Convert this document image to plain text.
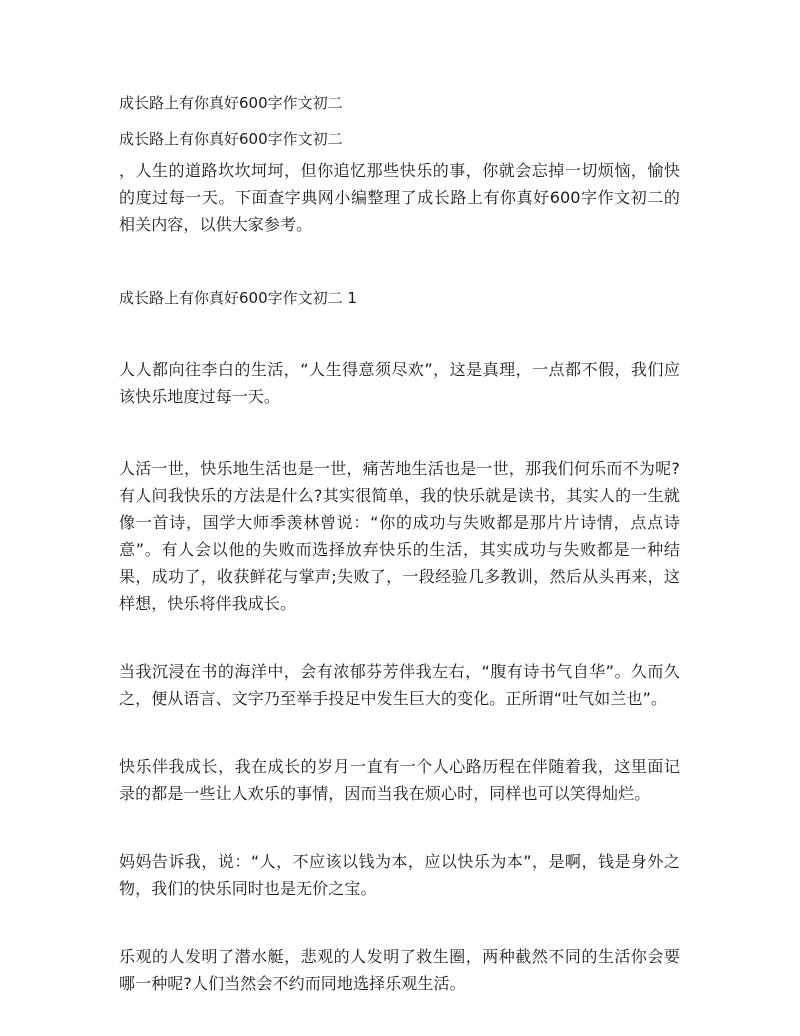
成长路上有你真好600字作文初二

成长路上有你真好600字作文初二

，人生的道路坎坎坷坷，但你追忆那些快乐的事，你就会忘掉一切烦恼，愉快的度过每一天。下面查字典网小编整理了成长路上有你真好600字作文初二的相关内容，以供大家参考。

成长路上有你真好600字作文初二 1

人人都向往李白的生活，“人生得意须尽欢”，这是真理，一点都不假，我们应该快乐地度过每一天。

人活一世，快乐地生活也是一世，痛苦地生活也是一世，那我们何乐而不为呢?有人问我快乐的方法是什么?其实很简单，我的快乐就是读书，其实人的一生就像一首诗，国学大师季羡林曾说：“你的成功与失败都是那片片诗情，点点诗意”。有人会以他的失败而选择放弃快乐的生活，其实成功与失败都是一种结果，成功了，收获鲜花与掌声;失败了，一段经验几多教训，然后从头再来，这样想，快乐将伴我成长。

当我沉浸在书的海洋中，会有浓郁芬芳伴我左右，“腹有诗书气自华”。久而久之，便从语言、文字乃至举手投足中发生巨大的变化。正所谓“吐气如兰也”。

快乐伴我成长，我在成长的岁月一直有一个人心路历程在伴随着我，这里面记录的都是一些让人欢乐的事情，因而当我在烦心时，同样也可以笑得灿烂。

妈妈告诉我，说：“人，不应该以钱为本，应以快乐为本”，是啊，钱是身外之物，我们的快乐同时也是无价之宝。

乐观的人发明了潜水艇，悲观的人发明了救生圈，两种截然不同的生活你会要哪一种呢?人们当然会不约而同地选择乐观生活。
